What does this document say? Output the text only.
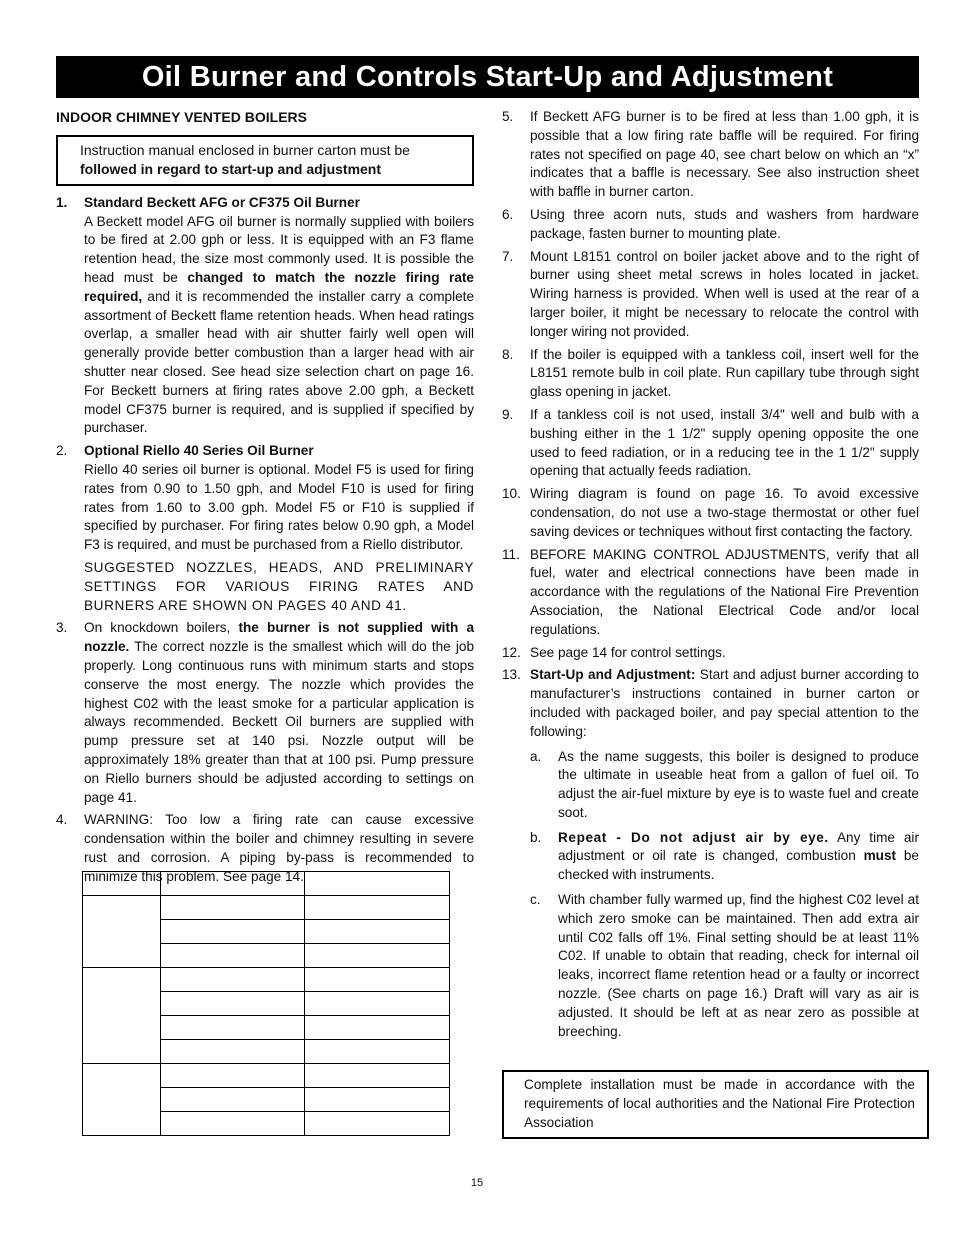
Oil Burner and Controls Start-Up and Adjustment
INDOOR CHIMNEY VENTED BOILERS
Instruction manual enclosed in burner carton must be
followed in regard to start-up and adjustment
1. Standard Beckett AFG or CF375 Oil Burner
A Beckett model AFG oil burner is normally supplied with boilers to be fired at 2.00 gph or less. It is equipped with an F3 flame retention head, the size most commonly used. It is possible the head must be changed to match the nozzle firing rate required, and it is recommended the installer carry a complete assortment of Beckett flame retention heads. When head ratings overlap, a smaller head with air shutter fairly well open will generally provide better combustion than a larger head with air shutter near closed. See head size selection chart on page 16. For Beckett burners at firing rates above 2.00 gph, a Beckett model CF375 burner is required, and is supplied if specified by purchaser.
2. Optional Riello 40 Series Oil Burner
Riello 40 series oil burner is optional. Model F5 is used for firing rates from 0.90 to 1.50 gph, and Model F10 is used for firing rates from 1.60 to 3.00 gph. Model F5 or F10 is supplied if specified by purchaser. For firing rates below 0.90 gph, a Model F3 is required, and must be purchased from a Riello distributor.
SUGGESTED NOZZLES, HEADS, AND PRELIMINARY SETTINGS FOR VARIOUS FIRING RATES AND BURNERS ARE SHOWN ON PAGES 40 AND 41.
3. On knockdown boilers, the burner is not supplied with a nozzle. The correct nozzle is the smallest which will do the job properly. Long continuous runs with minimum starts and stops conserve the most energy. The nozzle which provides the highest C02 with the least smoke for a particular application is always recommended. Beckett Oil burners are supplied with pump pressure set at 140 psi. Nozzle output will be approximately 18% greater than that at 100 psi. Pump pressure on Riello burners should be adjusted according to settings on page 41.
4. WARNING: Too low a firing rate can cause excessive condensation within the boiler and chimney resulting in severe rust and corrosion. A piping by-pass is recommended to minimize this problem. See page 14.

5. If Beckett AFG burner is to be fired at less than 1.00 gph, it is possible that a low firing rate baffle will be required. For firing rates not specified on page 40, see chart below on which an “x” indicates that a baffle is necessary. See also instruction sheet with baffle in burner carton.
6. Using three acorn nuts, studs and washers from hardware package, fasten burner to mounting plate.
7. Mount L8151 control on boiler jacket above and to the right of burner using sheet metal screws in holes located in jacket. Wiring harness is provided. When well is used at the rear of a larger boiler, it might be necessary to relocate the control with longer wiring not provided.
8. If the boiler is equipped with a tankless coil, insert well for the L8151 remote bulb in coil plate. Run capillary tube through sight glass opening in jacket.
9. If a tankless coil is not used, install 3/4" well and bulb with a bushing either in the 1 1/2" supply opening opposite the one used to feed radiation, or in a reducing tee in the 1 1/2" supply opening that actually feeds radiation.
10. Wiring diagram is found on page 16. To avoid excessive condensation, do not use a two-stage thermostat or other fuel saving devices or techniques without first contacting the factory.
11. BEFORE MAKING CONTROL ADJUSTMENTS, verify that all fuel, water and electrical connections have been made in accordance with the regulations of the National Fire Prevention Association, the National Electrical Code and/or local regulations.
12. See page 14 for control settings.
13. Start-Up and Adjustment: Start and adjust burner according to manufacturer’s instructions contained in burner carton or included with packaged boiler, and pay special attention to the following:
a. As the name suggests, this boiler is designed to produce the ultimate in useable heat from a gallon of fuel oil. To adjust the air-fuel mixture by eye is to waste fuel and create soot.
b. Repeat - Do not adjust air by eye. Any time air adjustment or oil rate is changed, combustion must be checked with instruments.
c. With chamber fully warmed up, find the highest C02 level at which zero smoke can be maintained. Then add extra air until C02 falls off 1%. Final setting should be at least 11% C02. If unable to obtain that reading, check for internal oil leaks, incorrect flame retention head or a faulty or incorrect nozzle. (See charts on page 16.) Draft will vary as air is adjusted. It should be left at as near zero as possible at breeching.
Complete installation must be made in accordance with the requirements of local authorities and the National Fire Protection Association
15
